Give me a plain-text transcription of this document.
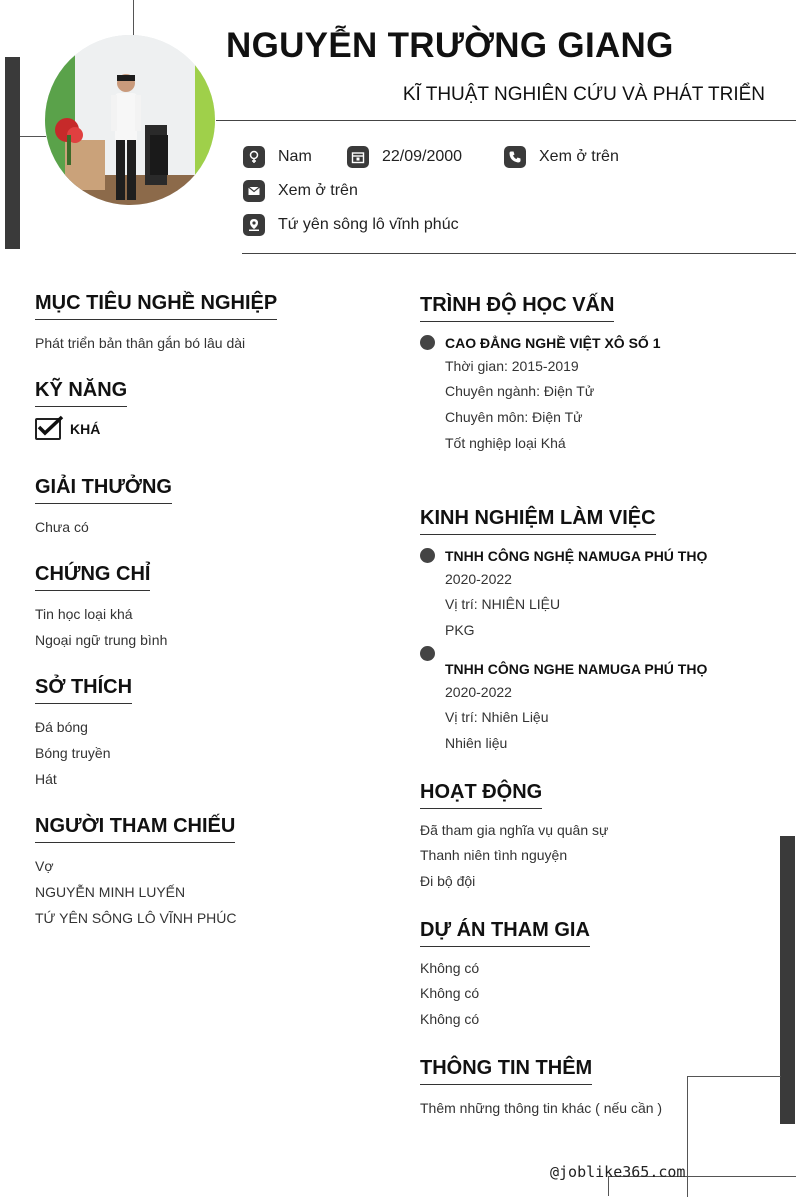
NGUYỄN TRƯỜNG GIANG
KĨ THUẬT NGHIÊN CỨU VÀ PHÁT TRIỂN
Nam	22/09/2000	Xem ở trên
Xem ở trên
Tứ yên sông lô vĩnh phúc
MỤC TIÊU NGHỀ NGHIỆP
Phát triển bản thân gắn bó lâu dài
KỸ NĂNG
KHÁ
GIẢI THƯỞNG
Chưa có
CHỨNG CHỈ
Tin học loại khá
Ngoại ngữ trung bình
SỞ THÍCH
Đá bóng
Bóng truyền
Hát
NGƯỜI THAM CHIẾU
Vợ
NGUYỄN MINH LUYẾN
TỨ YÊN SÔNG LÔ VĨNH PHÚC
TRÌNH ĐỘ HỌC VẤN
CAO ĐẲNG NGHỀ VIỆT XÔ SỐ 1
Thời gian: 2015-2019
Chuyên ngành: Điện Tử
Chuyên môn: Điện Tử
Tốt nghiệp loại Khá
KINH NGHIỆM LÀM VIỆC
TNHH CÔNG NGHỆ NAMUGA PHÚ THỌ
2020-2022
Vị trí: NHIÊN LIỆU
PKG
TNHH CÔNG NGHE NAMUGA PHÚ THỌ
2020-2022
Vị trí: Nhiên Liệu
Nhiên liệu
HOẠT ĐỘNG
Đã tham gia nghĩa vụ quân sự
Thanh niên tình nguyện
Đi bộ đội
DỰ ÁN THAM GIA
Không có
Không có
Không có
THÔNG TIN THÊM
Thêm những thông tin khác ( nếu cần )
@joblike365.com
